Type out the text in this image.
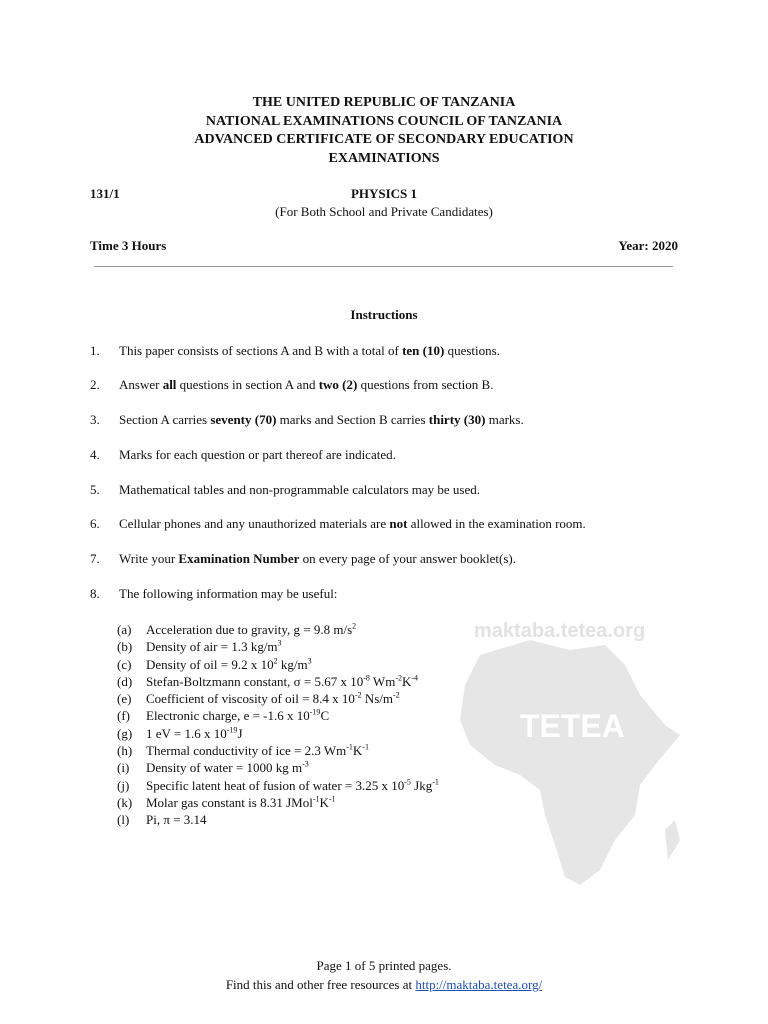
maktaba.tetea.org
TETEA
THE UNITED REPUBLIC OF TANZANIA
NATIONAL EXAMINATIONS COUNCIL OF TANZANIA
ADVANCED CERTIFICATE OF SECONDARY EDUCATION
EXAMINATIONS
131/1	PHYSICS 1
(For Both School and Private Candidates)
Time 3 Hours	Year: 2020
Instructions
1. This paper consists of sections A and B with a total of ten (10) questions.
2. Answer all questions in section A and two (2) questions from section B.
3. Section A carries seventy (70) marks and Section B carries thirty (30) marks.
4. Marks for each question or part thereof are indicated.
5. Mathematical tables and non-programmable calculators may be used.
6. Cellular phones and any unauthorized materials are not allowed in the examination room.
7. Write your Examination Number on every page of your answer booklet(s).
8. The following information may be useful:
(a) Acceleration due to gravity, g = 9.8 $m/s^2$
(b) Density of air = 1.3 $kg/m^3$
(c) Density of oil = 9.2 x $10^2$ $kg/m^3$
(d) Stefan-Boltzmann constant, σ = 5.67 x $10^{-8}$ $Wm^{-2}K^{-4}$
(e) Coefficient of viscosity of oil = 8.4 x $10^{-2}$ $Ns/m^{-2}$
(f) Electronic charge, e = -1.6 x $10^{-19}C$
(g) 1 eV = 1.6 x $10^{-19}J$
(h) Thermal conductivity of ice = 2.3 $Wm^{-1}K^{-1}$
(i) Density of water = 1000 kg $m^{-3}$
(j) Specific latent heat of fusion of water = 3.25 x $10^{-5}$ Jkg$^{-1}$
(k) Molar gas constant is 8.31 $JMol^{-1}K^{-1}$
(l) Pi, π = 3.14
Page 1 of 5 printed pages.
Find this and other free resources at http://maktaba.tetea.org/
